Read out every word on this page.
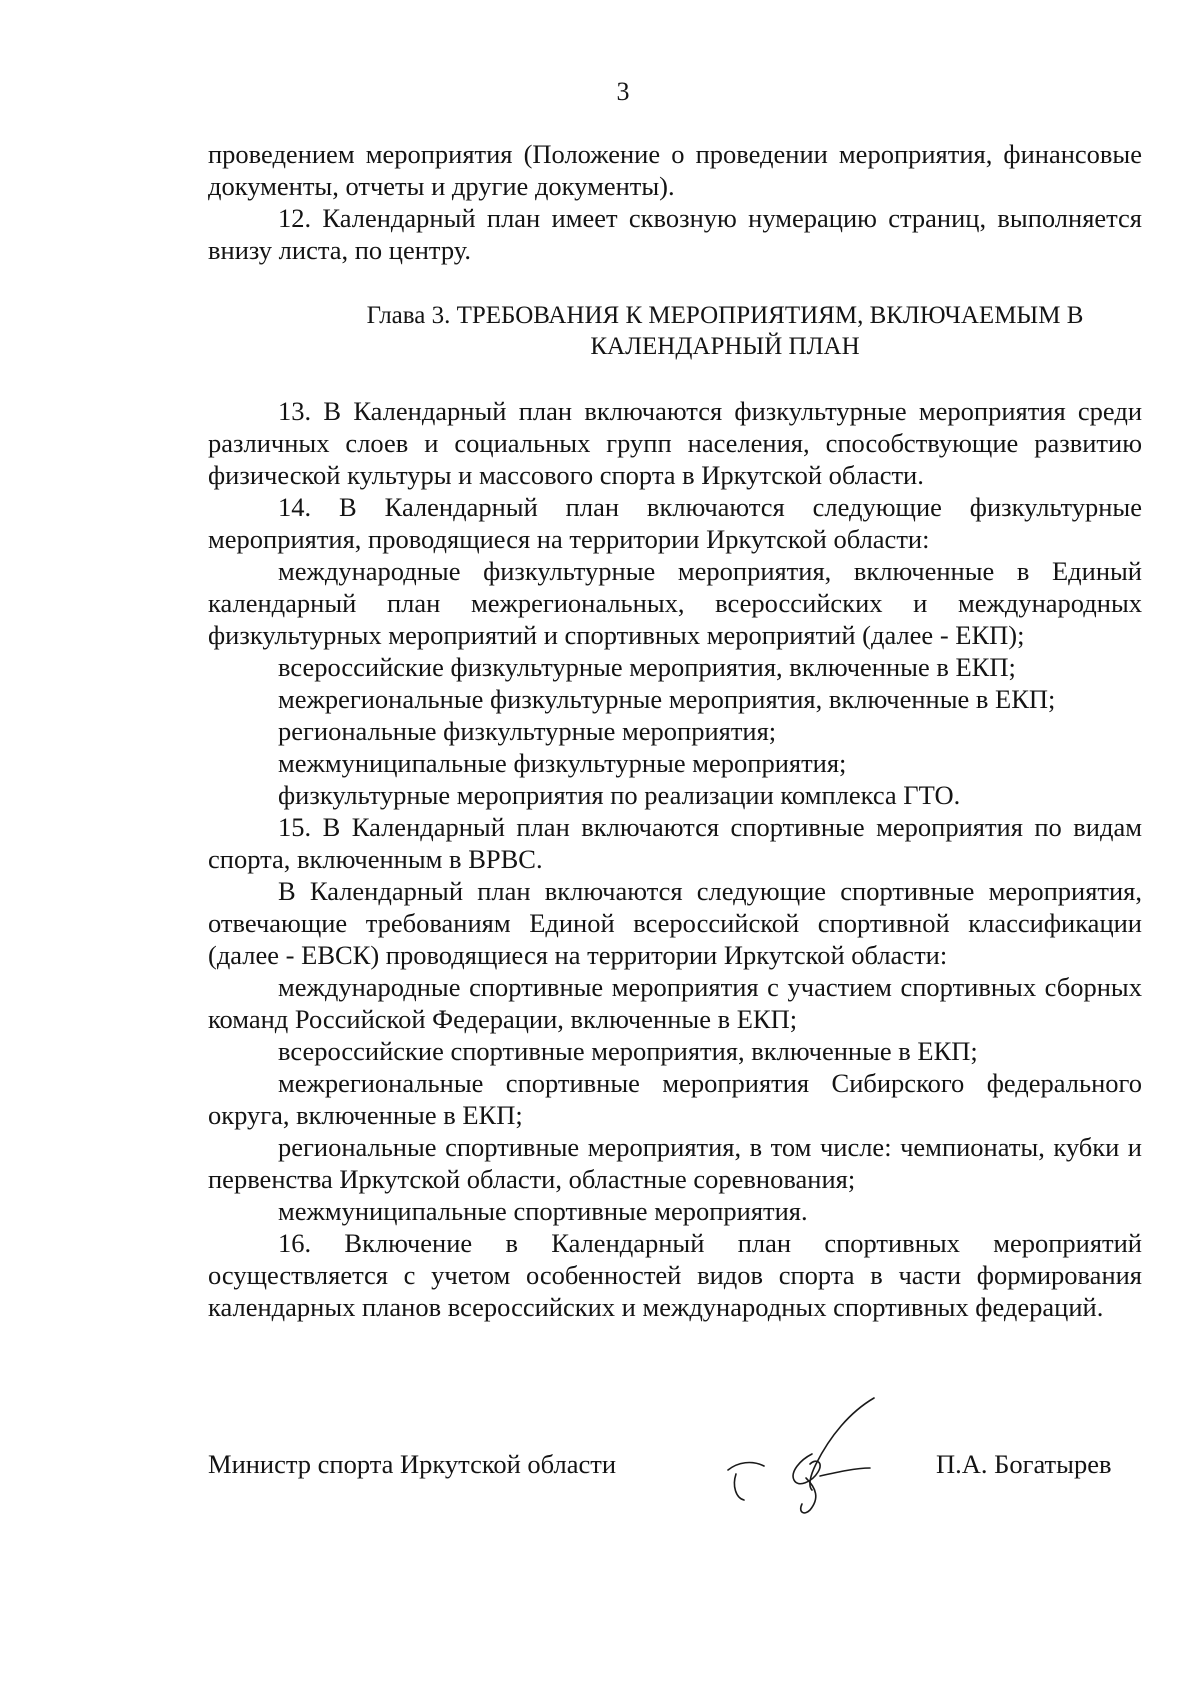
3

проведением мероприятия (Положение о проведении мероприятия, финансовые документы, отчеты и другие документы).

12. Календарный план имеет сквозную нумерацию страниц, выполняется внизу листа, по центру.

Глава 3. ТРЕБОВАНИЯ К МЕРОПРИЯТИЯМ, ВКЛЮЧАЕМЫМ В
КАЛЕНДАРНЫЙ ПЛАН

13. В Календарный план включаются физкультурные мероприятия среди различных слоев и социальных групп населения, способствующие развитию физической культуры и массового спорта в Иркутской области.

14. В Календарный план включаются следующие физкультурные мероприятия, проводящиеся на территории Иркутской области:

международные физкультурные мероприятия, включенные в Единый календарный план межрегиональных, всероссийских и международных физкультурных мероприятий и спортивных мероприятий (далее - ЕКП);

всероссийские физкультурные мероприятия, включенные в ЕКП;

межрегиональные физкультурные мероприятия, включенные в ЕКП;

региональные физкультурные мероприятия;

межмуниципальные физкультурные мероприятия;

физкультурные мероприятия по реализации комплекса ГТО.

15. В Календарный план включаются спортивные мероприятия по видам спорта, включенным в ВРВС.

В Календарный план включаются следующие спортивные мероприятия, отвечающие требованиям Единой всероссийской спортивной классификации (далее - ЕВСК) проводящиеся на территории Иркутской области:

международные спортивные мероприятия с участием спортивных сборных команд Российской Федерации, включенные в ЕКП;

всероссийские спортивные мероприятия, включенные в ЕКП;

межрегиональные спортивные мероприятия Сибирского федерального округа, включенные в ЕКП;

региональные спортивные мероприятия, в том числе: чемпионаты, кубки и первенства Иркутской области, областные соревнования;

межмуниципальные спортивные мероприятия.

16. Включение в Календарный план спортивных мероприятий осуществляется с учетом особенностей видов спорта в части формирования календарных планов всероссийских и международных спортивных федераций.

Министр спорта Иркутской области	П.А. Богатырев
